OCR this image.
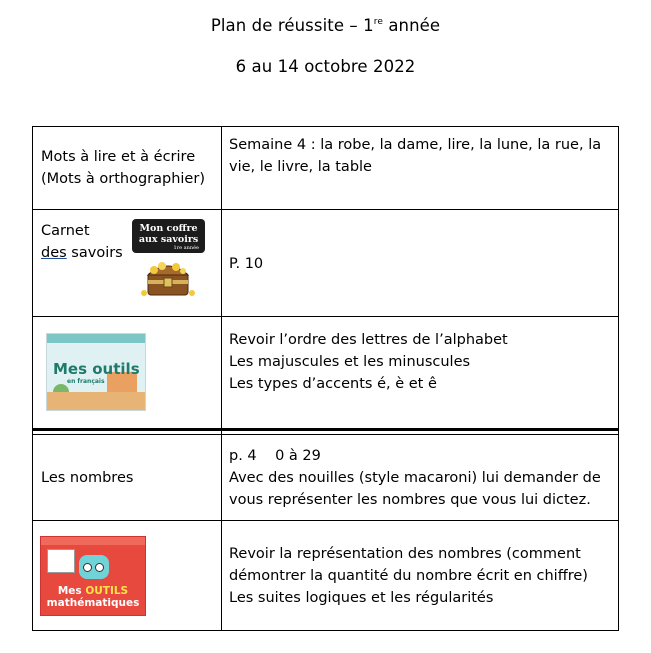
Plan de réussite – 1re année
6 au 14 octobre 2022
Mots à lire et à écrire
(Mots à orthographier)
Semaine 4 : la robe, la dame, lire, la lune, la rue, la
vie, le livre, la table
Carnet
des savoirs
Mon coffre
aux savoirs
1re année
P. 10
Mes outils
en français
Revoir l’ordre des lettres de l’alphabet
Les majuscules et les minuscules
Les types d’accents é, è et ê
Les nombres
p. 4    0 à 29
Avec des nouilles (style macaroni) lui demander de
vous représenter les nombres que vous lui dictez.
Mes OUTILS
mathématiques
Revoir la représentation des nombres (comment
démontrer la quantité du nombre écrit en chiffre)
Les suites logiques et les régularités
